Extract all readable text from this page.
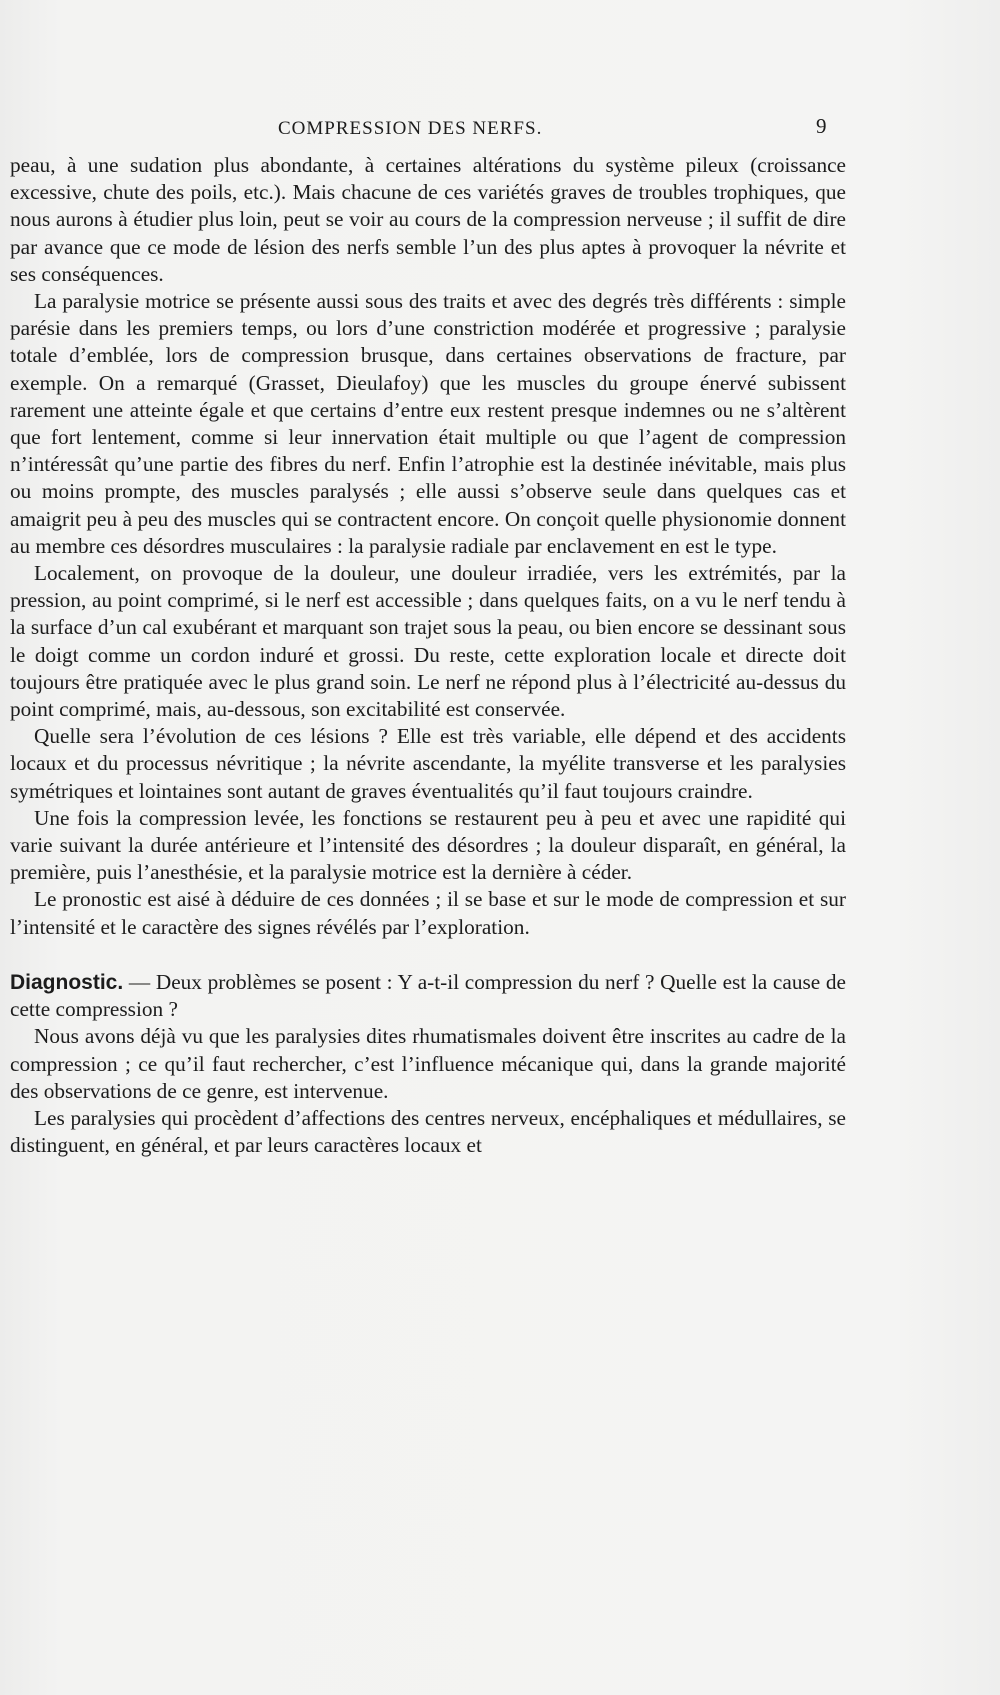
COMPRESSION DES NERFS.	9

peau, à une sudation plus abondante, à certaines altérations du système pileux (croissance excessive, chute des poils, etc.). Mais chacune de ces variétés graves de troubles trophiques, que nous aurons à étudier plus loin, peut se voir au cours de la compression nerveuse ; il suffit de dire par avance que ce mode de lésion des nerfs semble l’un des plus aptes à provoquer la névrite et ses conséquences.

La paralysie motrice se présente aussi sous des traits et avec des degrés très différents : simple parésie dans les premiers temps, ou lors d’une constriction modérée et progressive ; paralysie totale d’emblée, lors de compression brusque, dans certaines observations de fracture, par exemple. On a remarqué (Grasset, Dieulafoy) que les muscles du groupe énervé subissent rarement une atteinte égale et que certains d’entre eux restent presque indemnes ou ne s’altèrent que fort lentement, comme si leur innervation était multiple ou que l’agent de compression n’intéressât qu’une partie des fibres du nerf. Enfin l’atrophie est la destinée inévitable, mais plus ou moins prompte, des muscles paralysés ; elle aussi s’observe seule dans quelques cas et amaigrit peu à peu des muscles qui se contractent encore. On conçoit quelle physionomie donnent au membre ces désordres musculaires : la paralysie radiale par enclavement en est le type.

Localement, on provoque de la douleur, une douleur irradiée, vers les extrémités, par la pression, au point comprimé, si le nerf est accessible ; dans quelques faits, on a vu le nerf tendu à la surface d’un cal exubérant et marquant son trajet sous la peau, ou bien encore se dessinant sous le doigt comme un cordon induré et grossi. Du reste, cette exploration locale et directe doit toujours être pratiquée avec le plus grand soin. Le nerf ne répond plus à l’électricité au-dessus du point comprimé, mais, au-dessous, son excitabilité est conservée.

Quelle sera l’évolution de ces lésions ? Elle est très variable, elle dépend et des accidents locaux et du processus névritique ; la névrite ascendante, la myélite transverse et les paralysies symétriques et lointaines sont autant de graves éventualités qu’il faut toujours craindre.

Une fois la compression levée, les fonctions se restaurent peu à peu et avec une rapidité qui varie suivant la durée antérieure et l’intensité des désordres ; la douleur disparaît, en général, la première, puis l’anesthésie, et la paralysie motrice est la dernière à céder.

Le pronostic est aisé à déduire de ces données ; il se base et sur le mode de compression et sur l’intensité et le caractère des signes révélés par l’exploration.

Diagnostic. — Deux problèmes se posent : Y a-t-il compression du nerf ? Quelle est la cause de cette compression ?

Nous avons déjà vu que les paralysies dites rhumatismales doivent être inscrites au cadre de la compression ; ce qu’il faut rechercher, c’est l’influence mécanique qui, dans la grande majorité des observations de ce genre, est intervenue.

Les paralysies qui procèdent d’affections des centres nerveux, encéphaliques et médullaires, se distinguent, en général, et par leurs caractères locaux et
